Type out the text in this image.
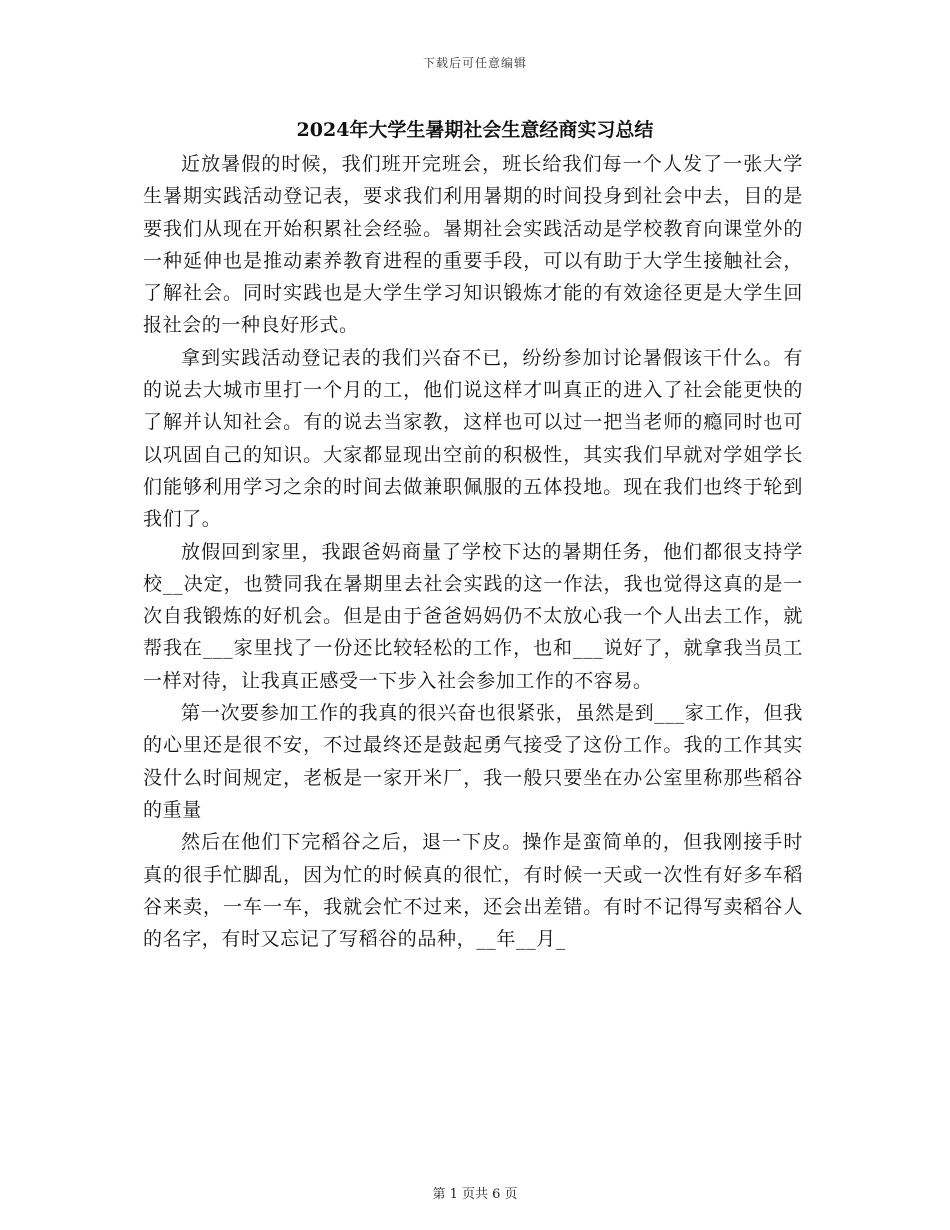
下载后可任意编辑
2024年大学生暑期社会生意经商实习总结

近放暑假的时候，我们班开完班会，班长给我们每一个人发了一张大学生暑期实践活动登记表，要求我们利用暑期的时间投身到社会中去，目的是要我们从现在开始积累社会经验。暑期社会实践活动是学校教育向课堂外的一种延伸也是推动素养教育进程的重要手段，可以有助于大学生接触社会，了解社会。同时实践也是大学生学习知识锻炼才能的有效途径更是大学生回报社会的一种良好形式。

拿到实践活动登记表的我们兴奋不已，纷纷参加讨论暑假该干什么。有的说去大城市里打一个月的工，他们说这样才叫真正的进入了社会能更快的了解并认知社会。有的说去当家教，这样也可以过一把当老师的瘾同时也可以巩固自己的知识。大家都显现出空前的积极性，其实我们早就对学姐学长们能够利用学习之余的时间去做兼职佩服的五体投地。现在我们也终于轮到我们了。

放假回到家里，我跟爸妈商量了学校下达的暑期任务，他们都很支持学校__决定，也赞同我在暑期里去社会实践的这一作法，我也觉得这真的是一次自我锻炼的好机会。但是由于爸爸妈妈仍不太放心我一个人出去工作，就帮我在___家里找了一份还比较轻松的工作，也和___说好了，就拿我当员工一样对待，让我真正感受一下步入社会参加工作的不容易。

第一次要参加工作的我真的很兴奋也很紧张，虽然是到___家工作，但我的心里还是很不安，不过最终还是鼓起勇气接受了这份工作。我的工作其实没什么时间规定，老板是一家开米厂，我一般只要坐在办公室里称那些稻谷的重量

然后在他们下完稻谷之后，退一下皮。操作是蛮简单的，但我刚接手时真的很手忙脚乱，因为忙的时候真的很忙，有时候一天或一次性有好多车稻谷来卖，一车一车，我就会忙不过来，还会出差错。有时不记得写卖稻谷人的名字，有时又忘记了写稻谷的品种，__年__月_

第 1 页共 6 页
